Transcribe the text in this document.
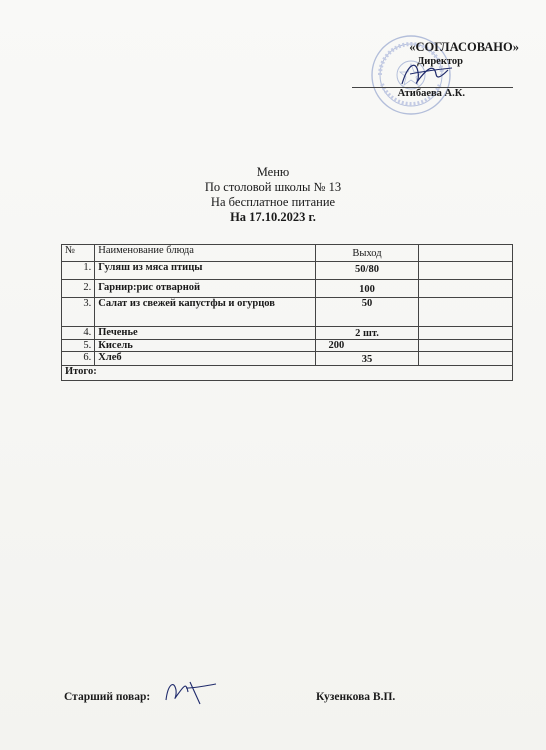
«СОГЛАСОВАНО»
Директор
Атибаева А.К.
Меню
По столовой школы № 13
На бесплатное питание
На 17.10.2023 г.
№	Наименование блюда	Выход	
1.	Гуляш из мяса птицы	50/80	
2.	Гарнир:рис отварной	100	
3.	Салат из свежей капустфы и огурцов	50	
4.	Печенье	2 шт.	
5.	Кисель	200	
6.	Хлеб	35	
Итого:			
Старший повар:	Кузенкова В.П.
